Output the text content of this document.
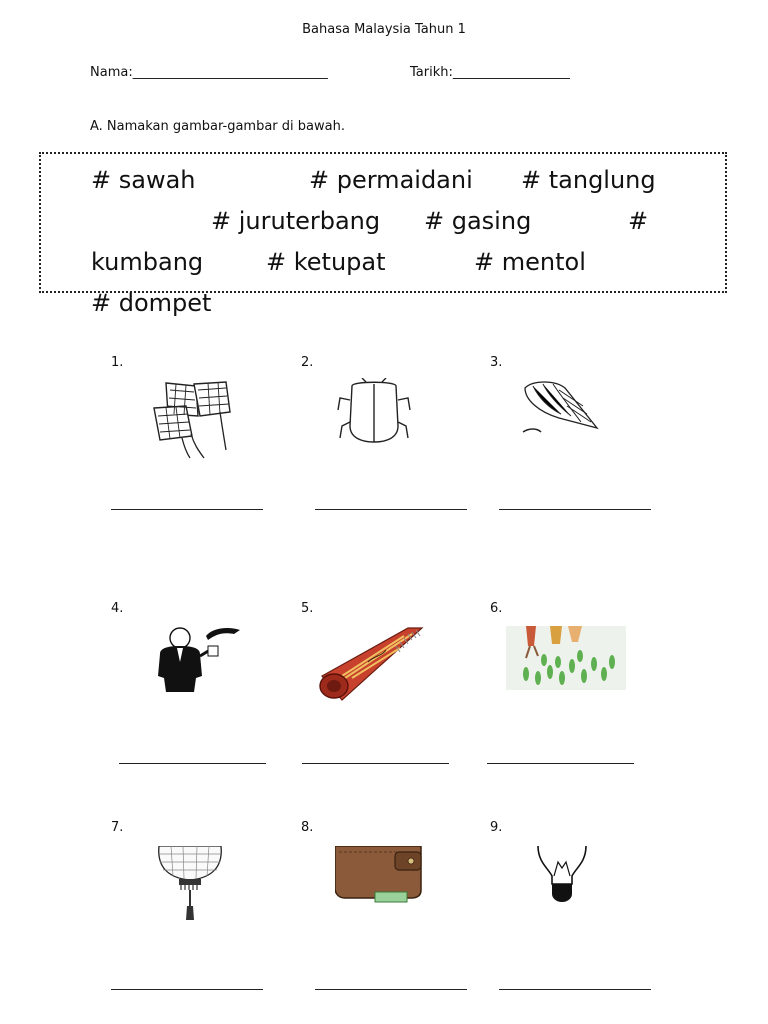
Bahasa Malaysia Tahun 1
Nama:______________________________	Tarikh:__________________
A. Namakan gambar-gambar di bawah.
# sawah	# permaidani # tanglung
# juruterbang # gasing	#
kumbang	# ketupat	# mentol
# dompet
1.	2.	3.
4.	5.	6.
7.	8.	9.
